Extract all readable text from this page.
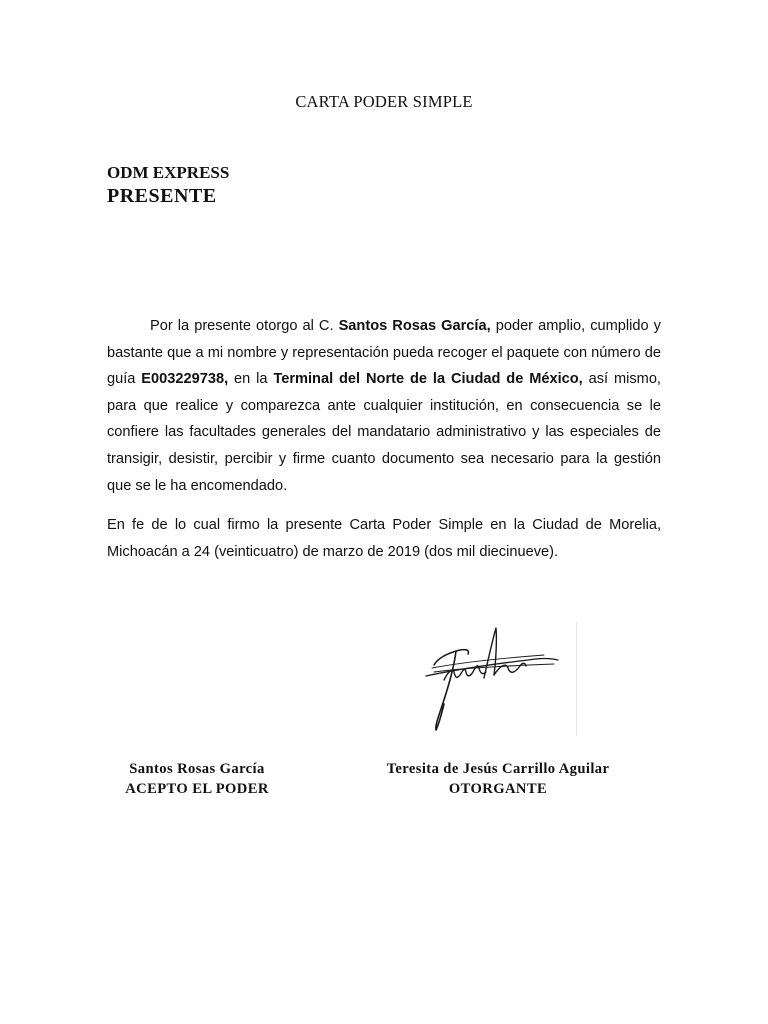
CARTA PODER SIMPLE
ODM EXPRESS
PRESENTE
Por la presente otorgo al C. Santos Rosas García, poder amplio, cumplido y bastante que a mi nombre y representación pueda recoger el paquete con número de guía E003229738, en la Terminal del Norte de la Ciudad de México, así mismo, para que realice y comparezca ante cualquier institución, en consecuencia se le confiere las facultades generales del mandatario administrativo y las especiales de transigir, desistir, percibir y firme cuanto documento sea necesario para la gestión que se le ha encomendado.
En fe de lo cual firmo la presente Carta Poder Simple en la Ciudad de Morelia, Michoacán a 24 (veinticuatro) de marzo de 2019 (dos mil diecinueve).
Santos Rosas García
ACEPTO EL PODER
Teresita de Jesús Carrillo Aguilar
OTORGANTE
